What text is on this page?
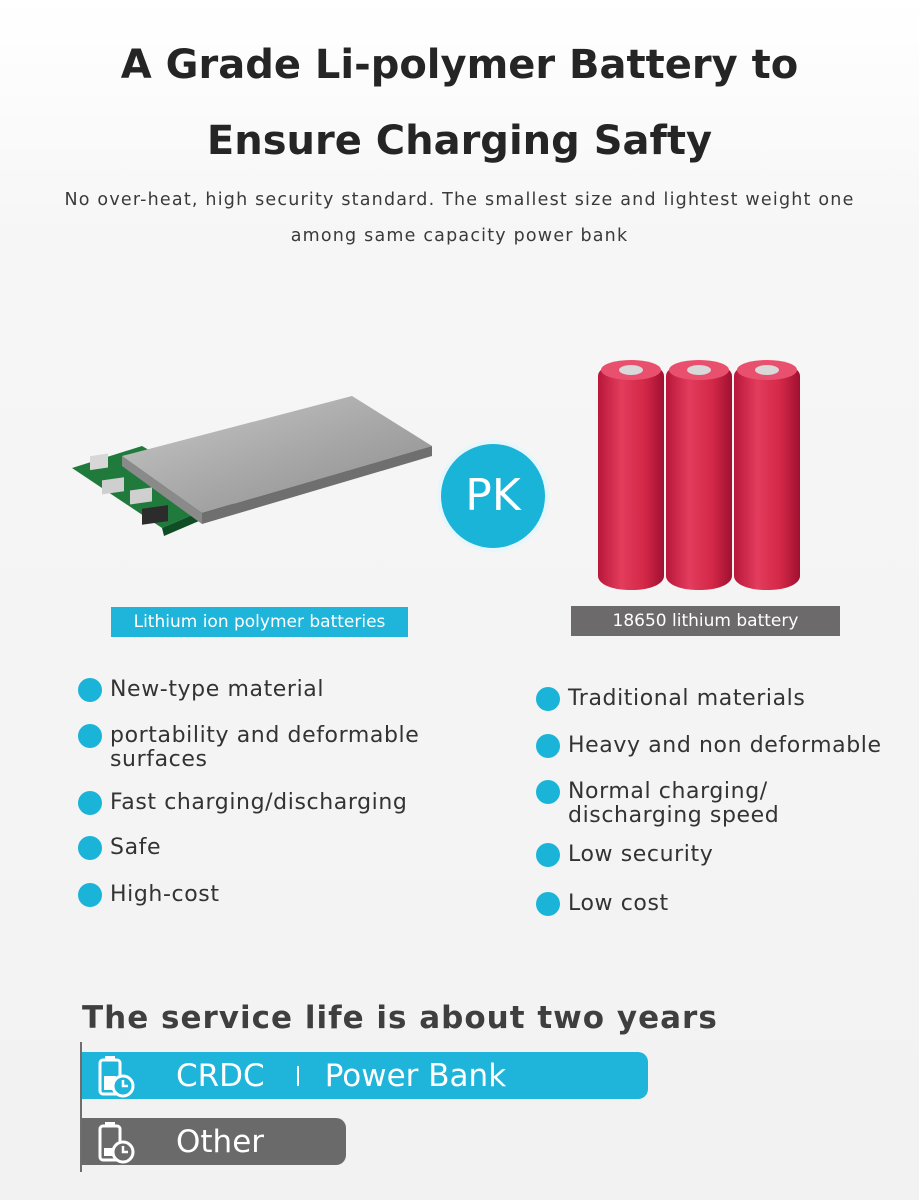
A Grade Li-polymer Battery to
Ensure Charging Safty

No over-heat, high security standard. The smallest size and lightest weight one
among same capacity power bank

PK
Lithium ion polymer batteries	18650 lithium battery
New-type material
portability and deformable
surfaces
Fast charging/discharging
Safe
High-cost
Traditional materials
Heavy and non deformable
Normal charging/
discharging speed
Low security
Low cost
The service life is about two years
CRDC Power Bank
Other
